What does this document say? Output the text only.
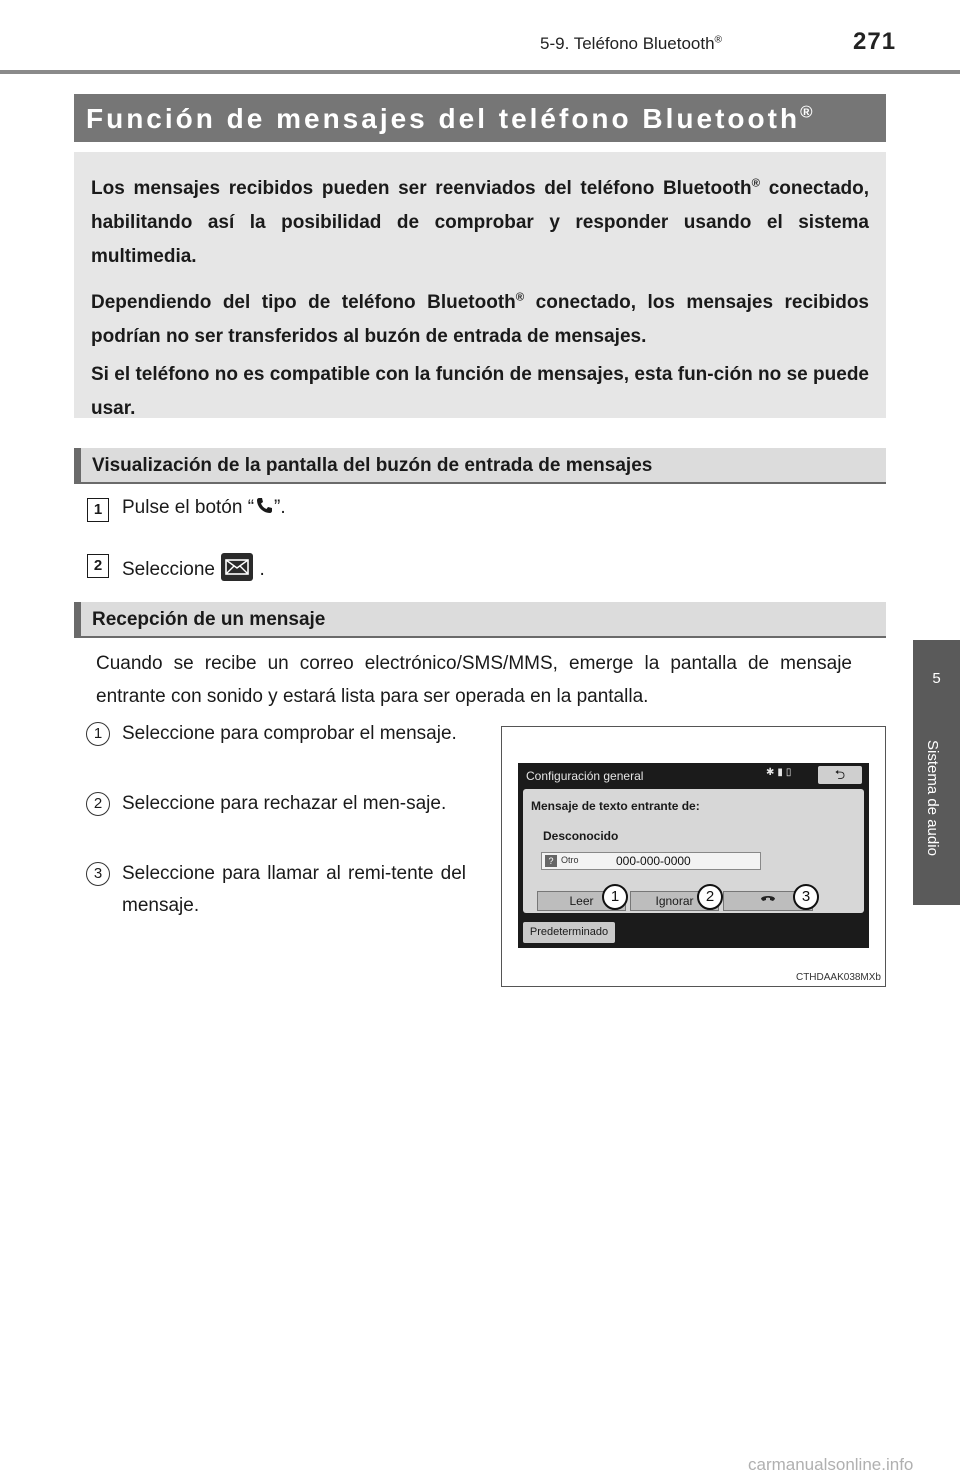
5-9. Teléfono Bluetooth®	271
5
Sistema de audio
Función de mensajes del teléfono Bluetooth®

Los mensajes recibidos pueden ser reenviados del teléfono Bluetooth® conectado, habilitando así la posibilidad de comprobar y responder usando el sistema multimedia.

Dependiendo del tipo de teléfono Bluetooth® conectado, los mensajes recibidos podrían no ser transferidos al buzón de entrada de mensajes.

Si el teléfono no es compatible con la función de mensajes, esta fun-ción no se puede usar.

Visualización de la pantalla del buzón de entrada de mensajes
1	Pulse el botón “ ”.
2	Seleccione .
Recepción de un mensaje

Cuando se recibe un correo electrónico/SMS/MMS, emerge la pantalla de mensaje entrante con sonido y estará lista para ser operada en la pantalla.

1	Seleccione para comprobar el mensaje.

2	Seleccione para rechazar el men-saje.

3	Seleccione para llamar al remi-tente del mensaje.

Configuración general	✱▮▯	⮌
Mensaje de texto entrante de:
Desconocido
? Otro	000-000-0000
Leer	Ignorar
1	2	3
Predeterminado
CTHDAAK038MXb
carmanualsonline.info
